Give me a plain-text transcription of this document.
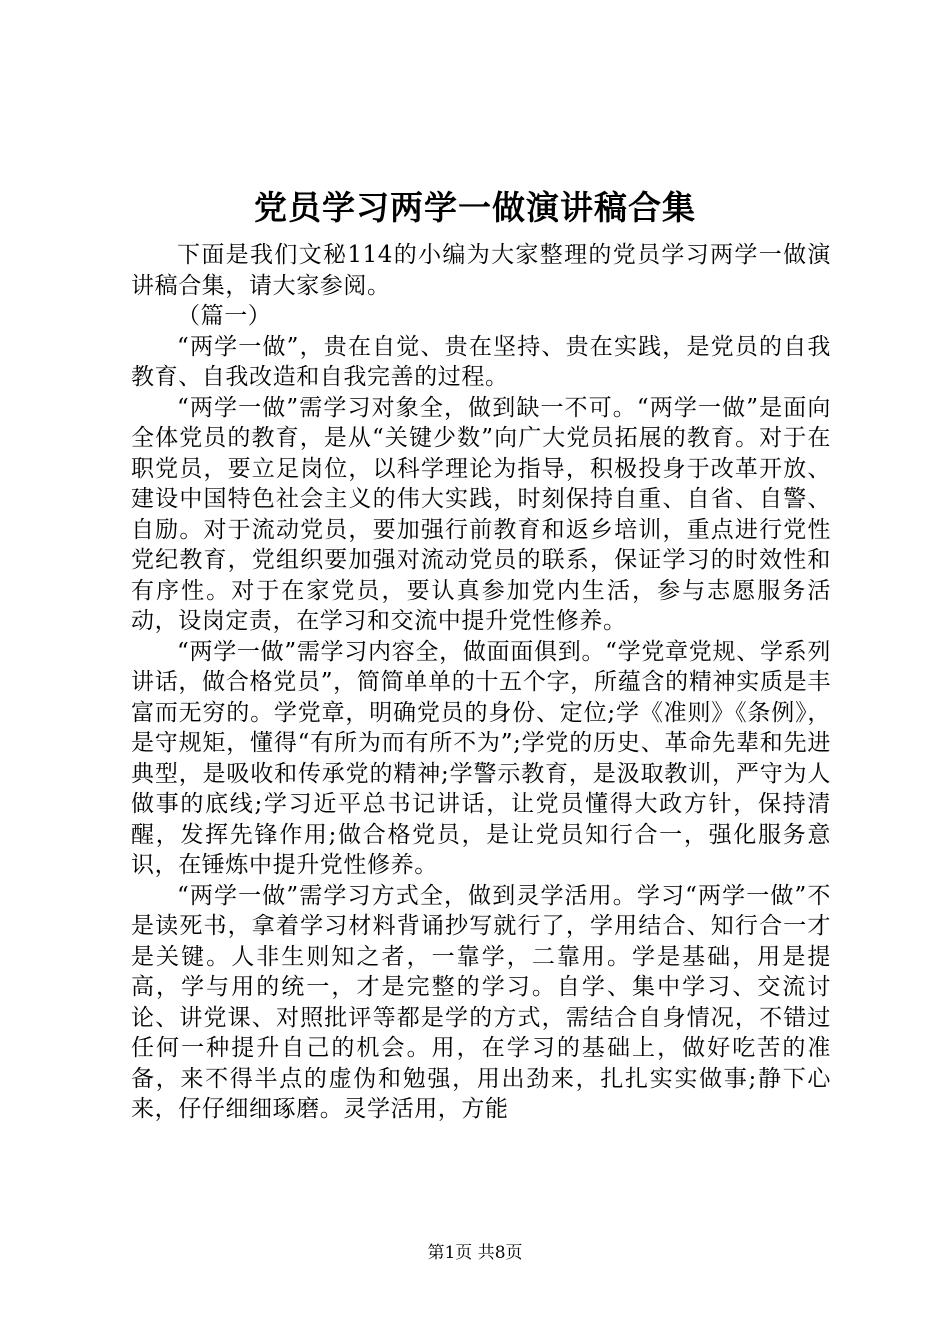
党员学习两学一做演讲稿合集

下面是我们文秘114的小编为大家整理的党员学习两学一做演讲稿合集，请大家参阅。

（篇一）

“两学一做”，贵在自觉、贵在坚持、贵在实践，是党员的自我教育、自我改造和自我完善的过程。

“两学一做”需学习对象全，做到缺一不可。“两学一做”是面向全体党员的教育，是从“关键少数”向广大党员拓展的教育。对于在职党员，要立足岗位，以科学理论为指导，积极投身于改革开放、建设中国特色社会主义的伟大实践，时刻保持自重、自省、自警、自励。对于流动党员，要加强行前教育和返乡培训，重点进行党性党纪教育，党组织要加强对流动党员的联系，保证学习的时效性和有序性。对于在家党员，要认真参加党内生活，参与志愿服务活动，设岗定责，在学习和交流中提升党性修养。

“两学一做”需学习内容全，做面面俱到。“学党章党规、学系列讲话，做合格党员”，简简单单的十五个字，所蕴含的精神实质是丰富而无穷的。学党章，明确党员的身份、定位;学《准则》《条例》，是守规矩，懂得“有所为而有所不为”;学党的历史、革命先辈和先进典型，是吸收和传承党的精神;学警示教育，是汲取教训，严守为人做事的底线;学习近平总书记讲话，让党员懂得大政方针，保持清醒，发挥先锋作用;做合格党员，是让党员知行合一，强化服务意识，在锤炼中提升党性修养。

“两学一做”需学习方式全，做到灵学活用。学习“两学一做”不是读死书，拿着学习材料背诵抄写就行了，学用结合、知行合一才是关键。人非生则知之者，一靠学，二靠用。学是基础，用是提高，学与用的统一，才是完整的学习。自学、集中学习、交流讨论、讲党课、对照批评等都是学的方式，需结合自身情况，不错过任何一种提升自己的机会。用，在学习的基础上，做好吃苦的准备，来不得半点的虚伪和勉强，用出劲来，扎扎实实做事;静下心来，仔仔细细琢磨。灵学活用，方能

第1页 共8页
